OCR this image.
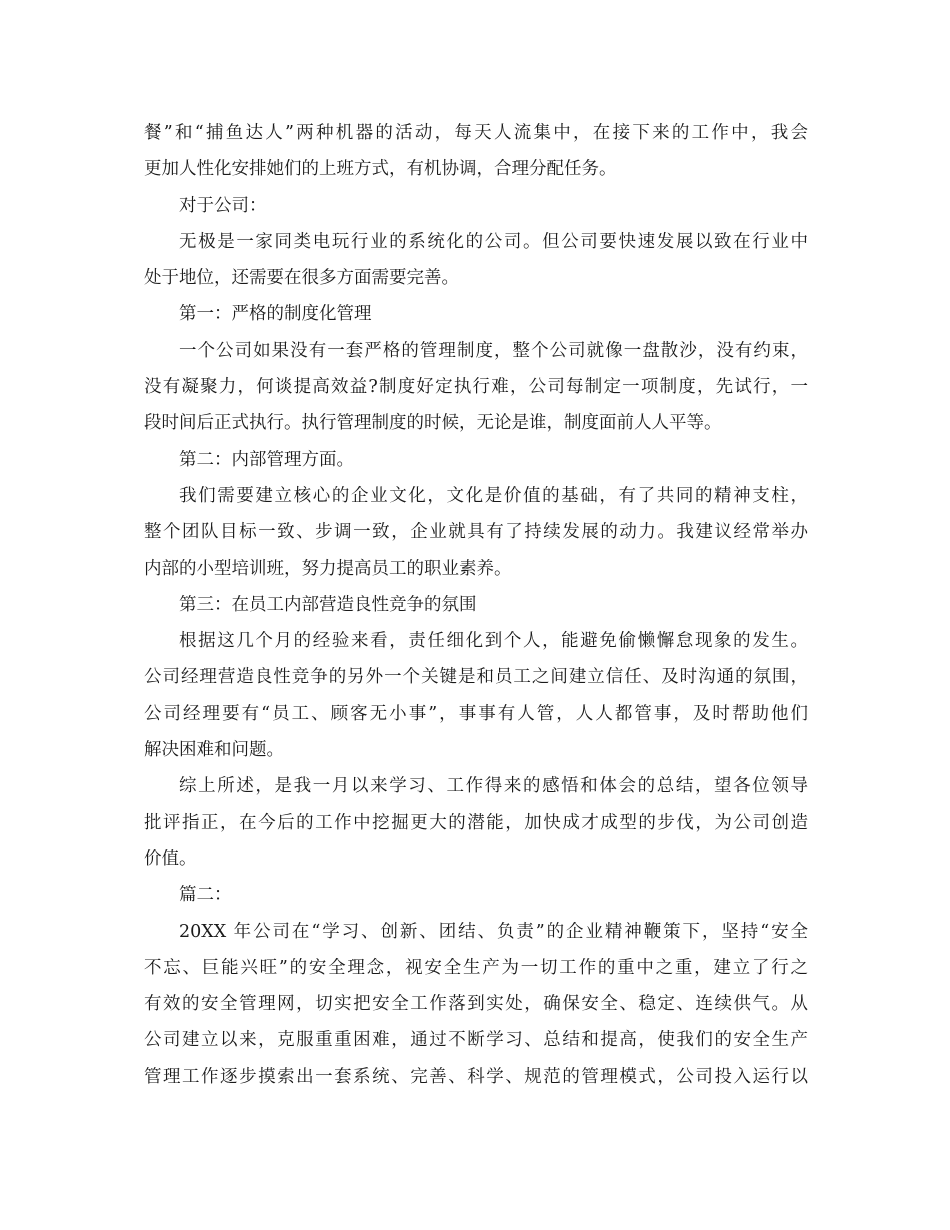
餐”和“捕鱼达人”两种机器的活动，每天人流集中，在接下来的工作中，我会
更加人性化安排她们的上班方式，有机协调，合理分配任务。
对于公司：
无极是一家同类电玩行业的系统化的公司。但公司要快速发展以致在行业中
处于地位，还需要在很多方面需要完善。
第一：严格的制度化管理
一个公司如果没有一套严格的管理制度，整个公司就像一盘散沙，没有约束，
没有凝聚力，何谈提高效益?制度好定执行难，公司每制定一项制度，先试行，一
段时间后正式执行。执行管理制度的时候，无论是谁，制度面前人人平等。
第二：内部管理方面。
我们需要建立核心的企业文化，文化是价值的基础，有了共同的精神支柱，
整个团队目标一致、步调一致，企业就具有了持续发展的动力。我建议经常举办
内部的小型培训班，努力提高员工的职业素养。
第三：在员工内部营造良性竞争的氛围
根据这几个月的经验来看，责任细化到个人，能避免偷懒懈怠现象的发生。
公司经理营造良性竞争的另外一个关键是和员工之间建立信任、及时沟通的氛围，
公司经理要有“员工、顾客无小事”，事事有人管，人人都管事，及时帮助他们
解决困难和问题。
综上所述，是我一月以来学习、工作得来的感悟和体会的总结，望各位领导
批评指正，在今后的工作中挖掘更大的潜能，加快成才成型的步伐，为公司创造
价值。
篇二：
20XX 年公司在“学习、创新、团结、负责”的企业精神鞭策下，坚持“安全
不忘、巨能兴旺”的安全理念，视安全生产为一切工作的重中之重，建立了行之
有效的安全管理网，切实把安全工作落到实处，确保安全、稳定、连续供气。从
公司建立以来，克服重重困难，通过不断学习、总结和提高，使我们的安全生产
管理工作逐步摸索出一套系统、完善、科学、规范的管理模式，公司投入运行以
